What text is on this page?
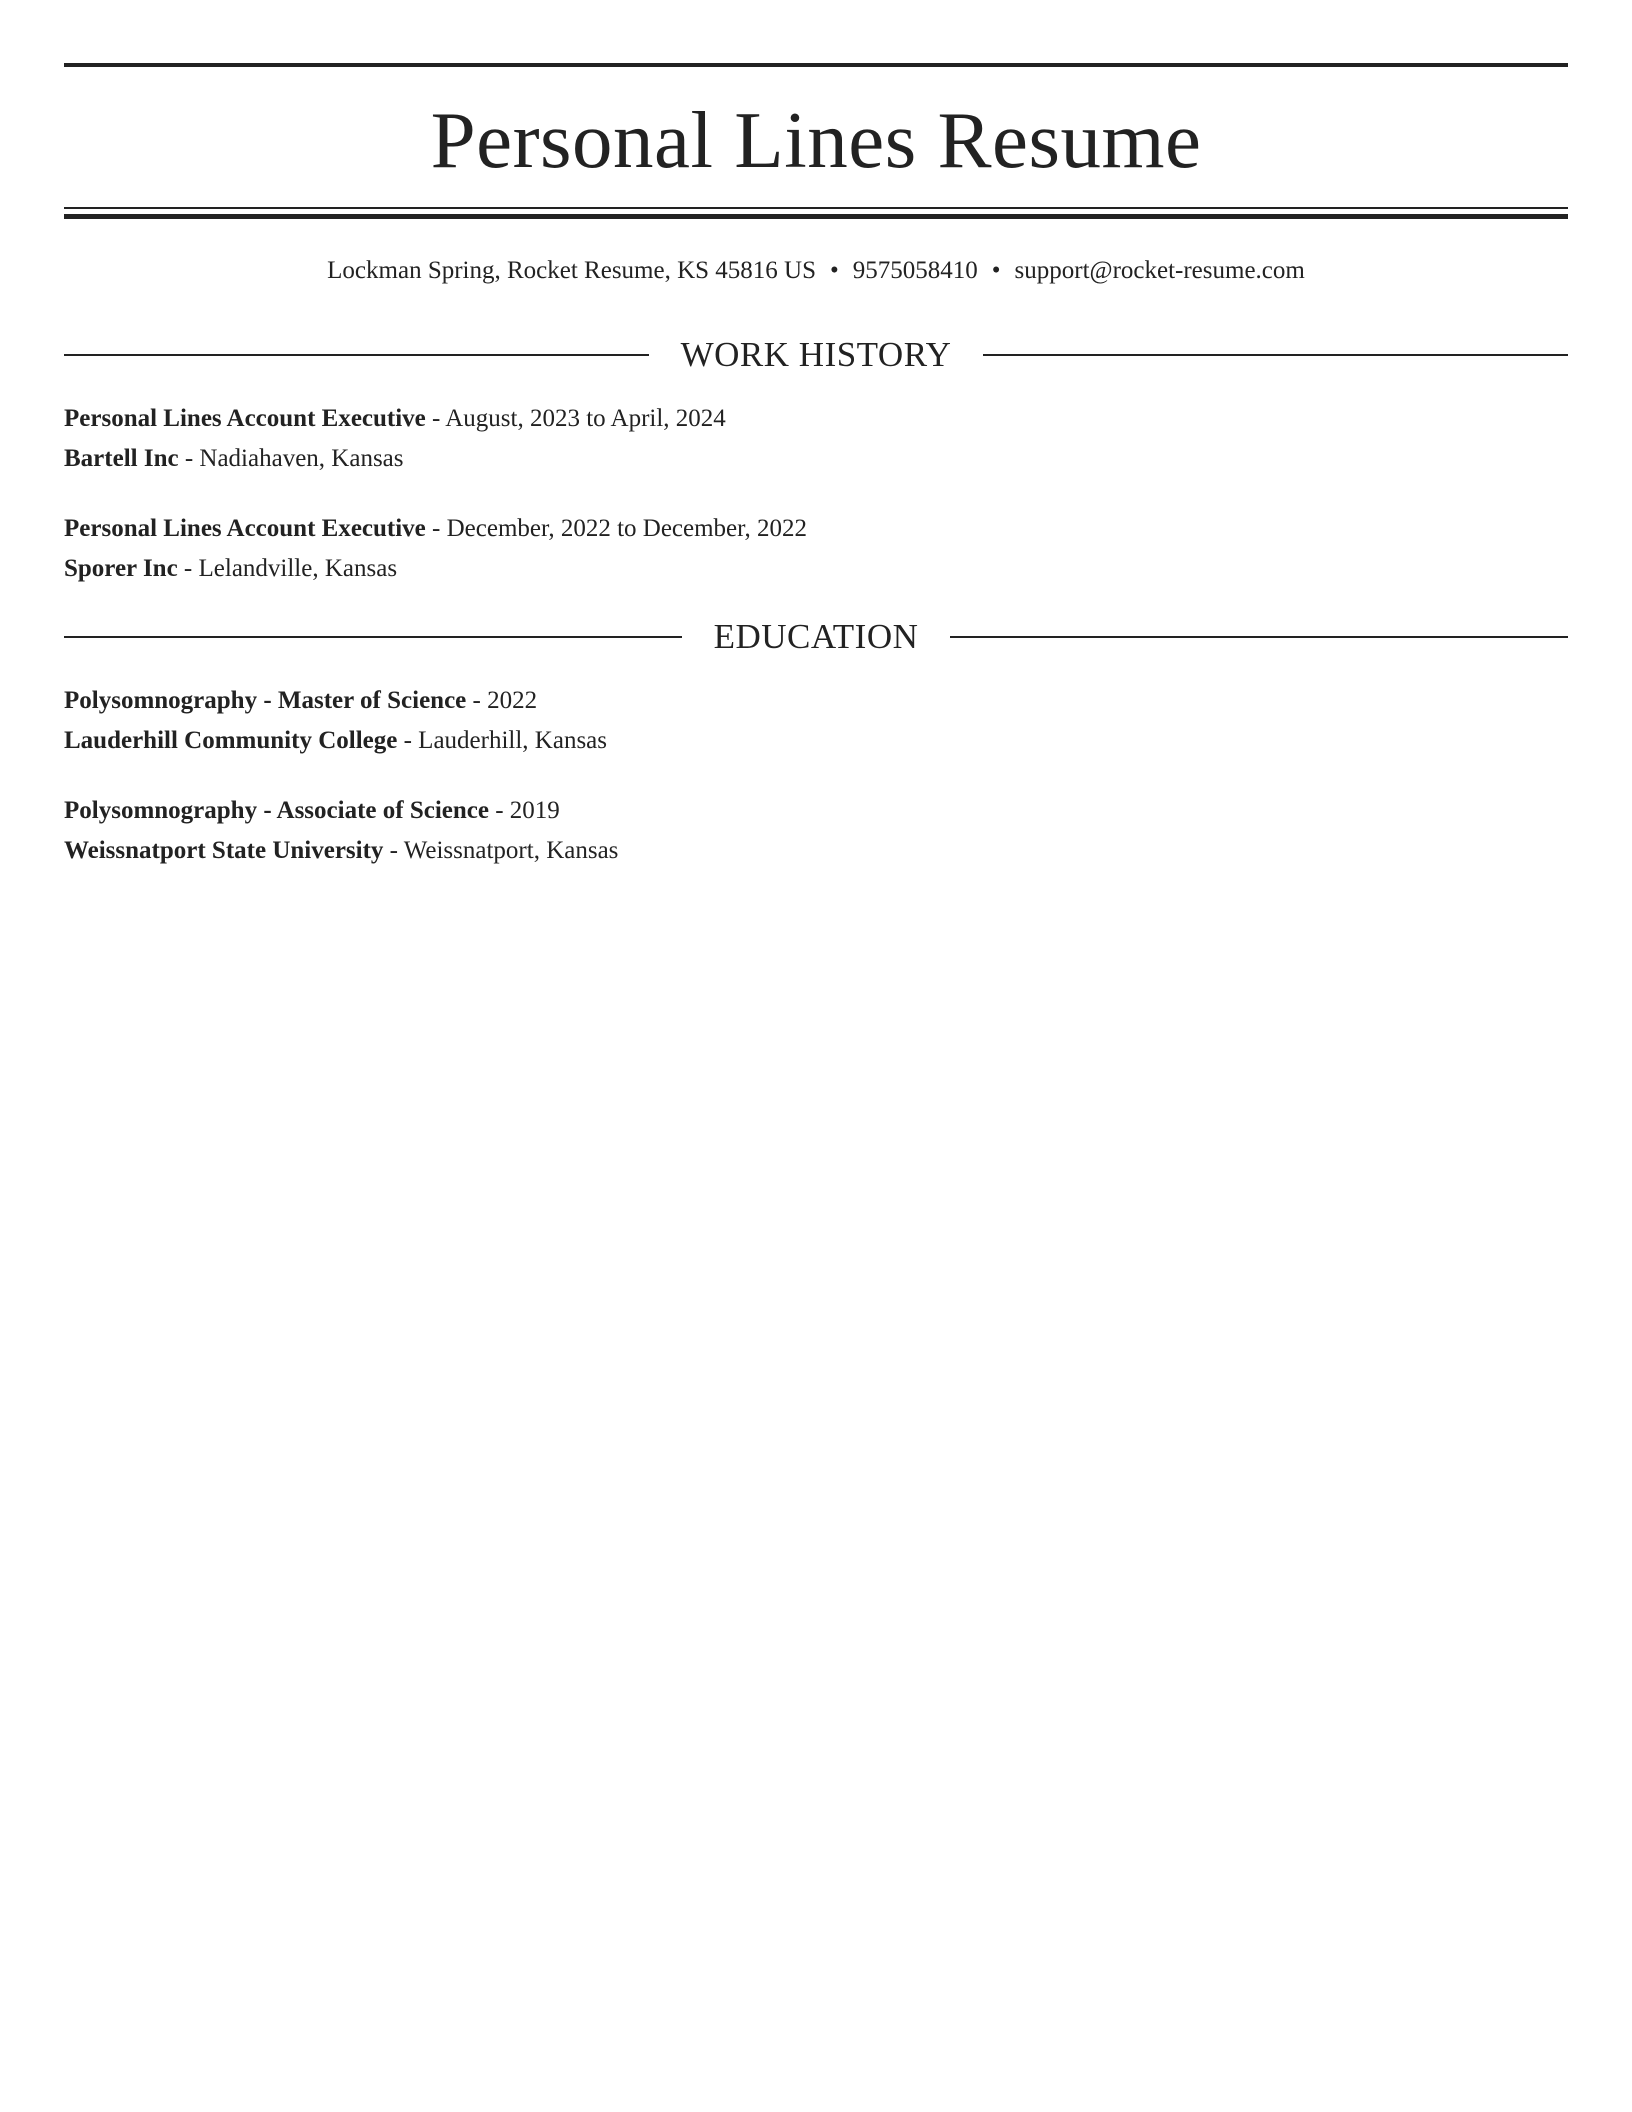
Personal Lines Resume
Lockman Spring, Rocket Resume, KS 45816 US • 9575058410 • support@rocket-resume.com
WORK HISTORY
Personal Lines Account Executive - August, 2023 to April, 2024
Bartell Inc - Nadiahaven, Kansas
Personal Lines Account Executive - December, 2022 to December, 2022
Sporer Inc - Lelandville, Kansas
EDUCATION
Polysomnography - Master of Science - 2022
Lauderhill Community College - Lauderhill, Kansas
Polysomnography - Associate of Science - 2019
Weissnatport State University - Weissnatport, Kansas
